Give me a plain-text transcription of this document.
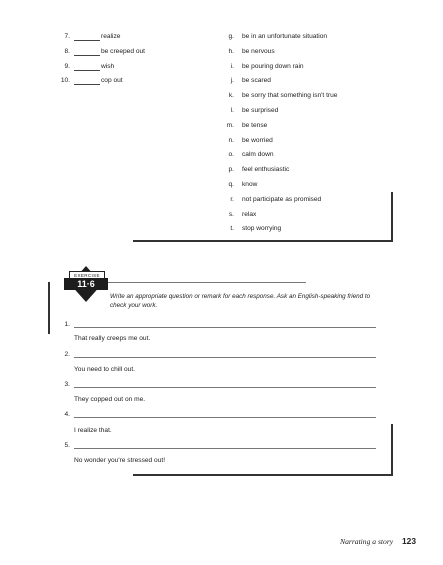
7.	realize
8.	be creeped out
9.	wish
10.	cop out
g. be in an unfortunate situation
h. be nervous
i. be pouring down rain
j. be scared
k. be sorry that something isn't true
l. be surprised
m. be tense
n. be worried
o. calm down
p. feel enthusiastic
q. know
r. not participate as promised
s. relax
t. stop worrying
EXERCISE
11·6
Write an appropriate question or remark for each response. Ask an English-speaking friend to check your work.
1.
That really creeps me out.
2.
You need to chill out.
3.
They copped out on me.
4.
I realize that.
5.
No wonder you're stressed out!
Narrating a story 123
